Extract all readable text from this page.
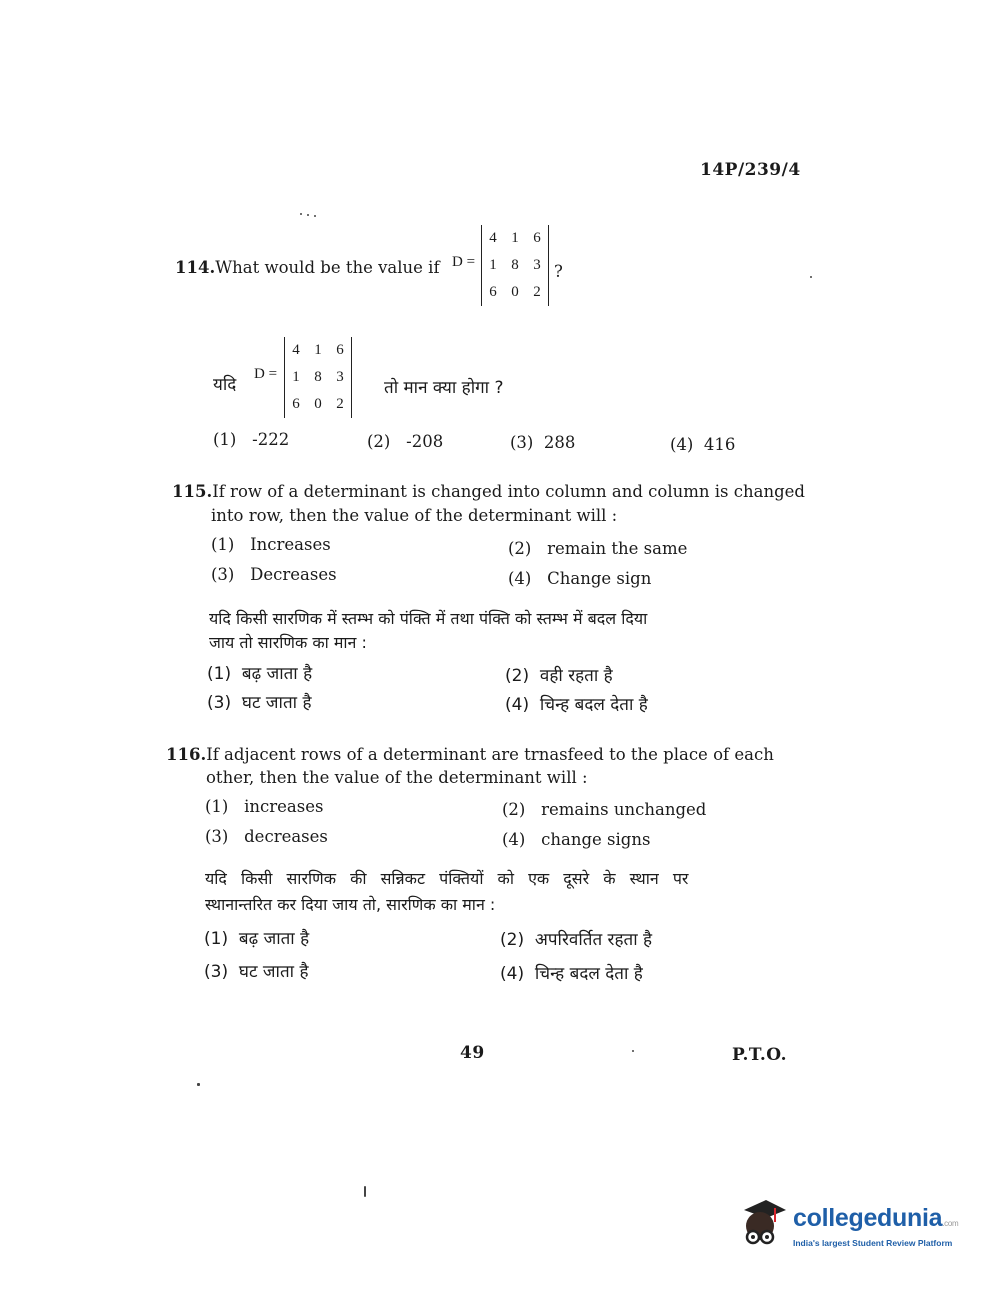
14P/239/4
114.What would be the value if D =
4 1 6
1 8 3
6 0 2
?
यदि
D =
4 1 6
1 8 3
6 0 2
तो मान क्या होगा ?
(1) -222	(2) -208	(3) 288	(4) 416
115.If row of a determinant is changed into column and column is changed
into row, then the value of the determinant will :
(1) Increases	(2) remain the same
(3) Decreases	(4) Change sign
यदि किसी सारणिक में स्तम्भ को पंक्ति में तथा पंक्ति को स्तम्भ में बदल दिया
जाय तो सारणिक का मान :
(1) बढ़ जाता है	(2) वही रहता है
(3) घट जाता है	(4) चिन्ह बदल देता है
116.If adjacent rows of a determinant are trnasfeed to the place of each
other, then the value of the determinant will :
(1) increases	(2) remains unchanged
(3) decreases	(4) change signs
यदि किसी सारणिक की सन्निकट पंक्तियों को एक दूसरे के स्थान पर
स्थानान्तरित कर दिया जाय तो, सारणिक का मान :
(1) बढ़ जाता है	(2) अपरिवर्तित रहता है
(3) घट जाता है	(4) चिन्ह बदल देता है
49	P.T.O.
collegedunia.com
India's largest Student Review Platform
